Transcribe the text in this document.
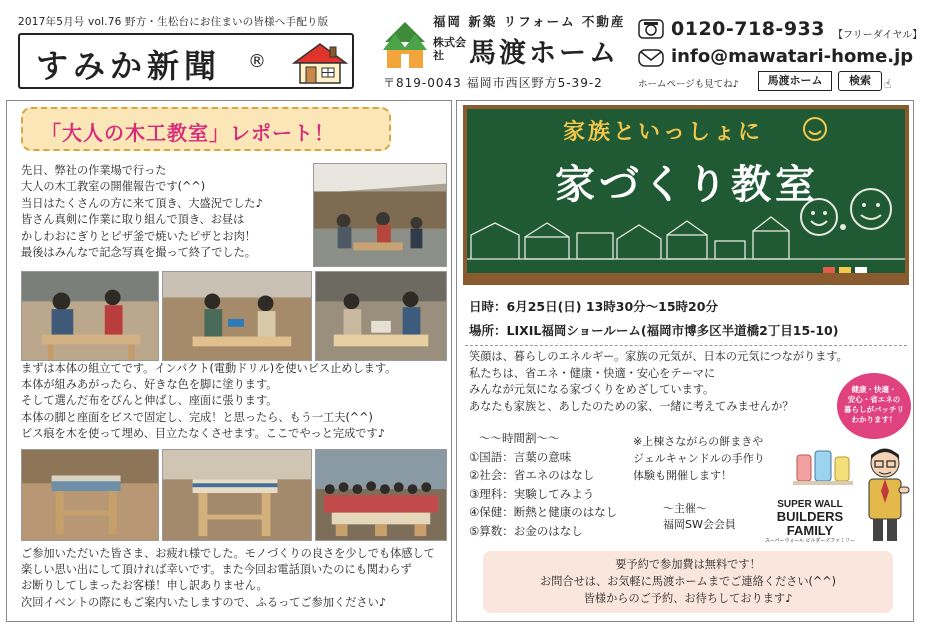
2017年5月号 vol.76 野方・生松台にお住まいの皆様へ手配り版
すみか新聞 ®
福岡 新築 リフォーム 不動産
株式会社 馬渡ホーム
〒819-0043 福岡市西区野方5-39-2
0120-718-933 【フリーダイヤル】
info@mawatari-home.jp
ホームページも見てね♪	馬渡ホーム	検索	☝
「大人の木工教室」レポート！

先日、弊社の作業場で行った

大人の木工教室の開催報告です(^^)

当日はたくさんの方に来て頂き、大盛況でした♪

皆さん真剣に作業に取り組んで頂き、お昼は

かしわおにぎりとピザ釜で焼いたピザとお肉！

最後はみんなで記念写真を撮って終了でした。

まずは本体の組立てです。インパクト(電動ドリル)を使いビス止めします。

本体が組みあがったら、好きな色を脚に塗ります。

そして選んだ布をぴんと伸ばし、座面に張ります。

本体の脚と座面をビスで固定し、完成！と思ったら、もう一工夫(^^)

ビス痕を木を使って埋め、目立たなくさせます。ここでやっと完成です♪

ご参加いただいた皆さま、お疲れ様でした。モノづくりの良さを少しでも体感して

楽しい思い出にして頂ければ幸いです。また今回お電話頂いたのにも関わらず

お断りしてしまったお客様！申し訳ありません。

次回イベントの際にもご案内いたしますので、ふるってご参加ください♪

家族といっしょに
家づくり教室
日時：6月25日(日) 13時30分～15時20分
場所：LIXIL福岡ショールーム(福岡市博多区半道橋2丁目15-10)

笑顔は、暮らしのエネルギー。家族の元気が、日本の元気につながります。

私たちは、省エネ・健康・快適・安心をテーマに

みんなが元気になる家づくりをめざしています。

あなたも家族と、あしたのための家、一緒に考えてみませんか？

健康・快適・
安心・省エネの
暮らしがバッチリ
わかります！

～～時間割～～

①国語：言葉の意味

②社会：省エネのはなし

③理科：実験してみよう

④保健：断熱と健康のはなし

⑤算数：お金のはなし

※上棟さながらの餅まきや

ジェルキャンドルの手作り

体験も開催します！

～主催～

福岡SW会会員

SUPER WALL
BUILDERS
FAMILY
スーパーウォール ビルダーズファミリー

要予約で参加費は無料です！

お問合せは、お気軽に馬渡ホームまでご連絡ください(^^)

皆様からのご予約、お待ちしております♪
